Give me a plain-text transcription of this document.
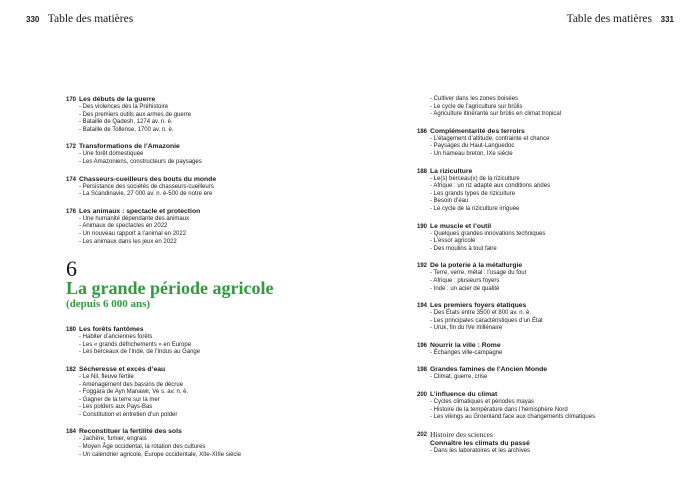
330 Table des matières	Table des matières 331
170 Les débuts de la guerre
- Des violences dès la Préhistoire
- Des premiers outils aux armes de guerre
- Bataille de Qadesh, 1274 av. n. è.
- Bataille de Tollense, 1700 av. n. è.
172 Transformations de l’Amazonie
- Une forêt domestiquée
- Les Amazoniens, constructeurs de paysages
174 Chasseurs-cueilleurs des bouts du monde
- Persistance des sociétés de chasseurs-cueilleurs
- La Scandinavie, 27 000 av. n. è-500 de notre ère
176 Les animaux : spectacle et protection
- Une humanité dépendante des animaux
- Animaux de spectacles en 2022
- Un nouveau rapport à l’animal en 2022
- Les animaux dans les jeux en 2022
6
La grande période agricole
(depuis 6 000 ans)
180 Les forêts fantômes
- Habiter d’anciennes forêts
- Les « grands défrichements » en Europe
- Les berceaux de l’Inde, de l’Indus au Gange
182 Sécheresse et excès d’eau
- Le Nil, fleuve fertile
- Aménagement des bassins de décrue
- Foggara de Ayn Manawir, Ve s. av. n. è.
- Gagner de la terre sur la mer
- Les polders aux Pays-Bas
- Constitution et entretien d’un polder
184 Reconstituer la fertilité des sols
- Jachère, fumier, engrais
- Moyen Âge occidental, la rotation des cultures
- Un calendrier agricole, Europe occidentale, XIIe-XIIIe siècle
- Cultiver dans les zones boisées
- Le cycle de l’agriculture sur brûlis
- Agriculture itinérante sur brûlis en climat tropical
186 Complémentarité des terroirs
- L’étagement d’altitude, contrainte et chance
- Paysages du Haut-Languedoc
- Un hameau breton, IXe siècle
188 La riziculture
- Le(s) berceau(x) de la riziculture
- Afrique : un riz adapté aux conditions arides
- Les grands types de riziculture
- Besoin d’eau
- Le cycle de la riziculture irriguée
190 Le muscle et l’outil
- Quelques grandes innovations techniques
- L’essor agricole
- Des moulins à tout faire
192 De la poterie à la métallurgie
- Terre, verre, métal : l’usage du four
- Afrique : plusieurs foyers
- Inde : un acier de qualité
194 Les premiers foyers étatiques
- Des États entre 3500 et 800 av. n. è.
- Les principales caractéristiques d’un État
- Uruk, fin du IVe millénaire
196 Nourrir la ville : Rome
- Échanges ville-campagne
198 Grandes famines de l’Ancien Monde
- Climat, guerre, crise
200 L’influence du climat
- Cycles climatiques et périodes mayas
- Histoire de la température dans l’hémisphère Nord
- Les vikings au Groenland face aux changements climatiques
202 Histoire des sciences
Connaître les climats du passé
- Dans les laboratoires et les archives
